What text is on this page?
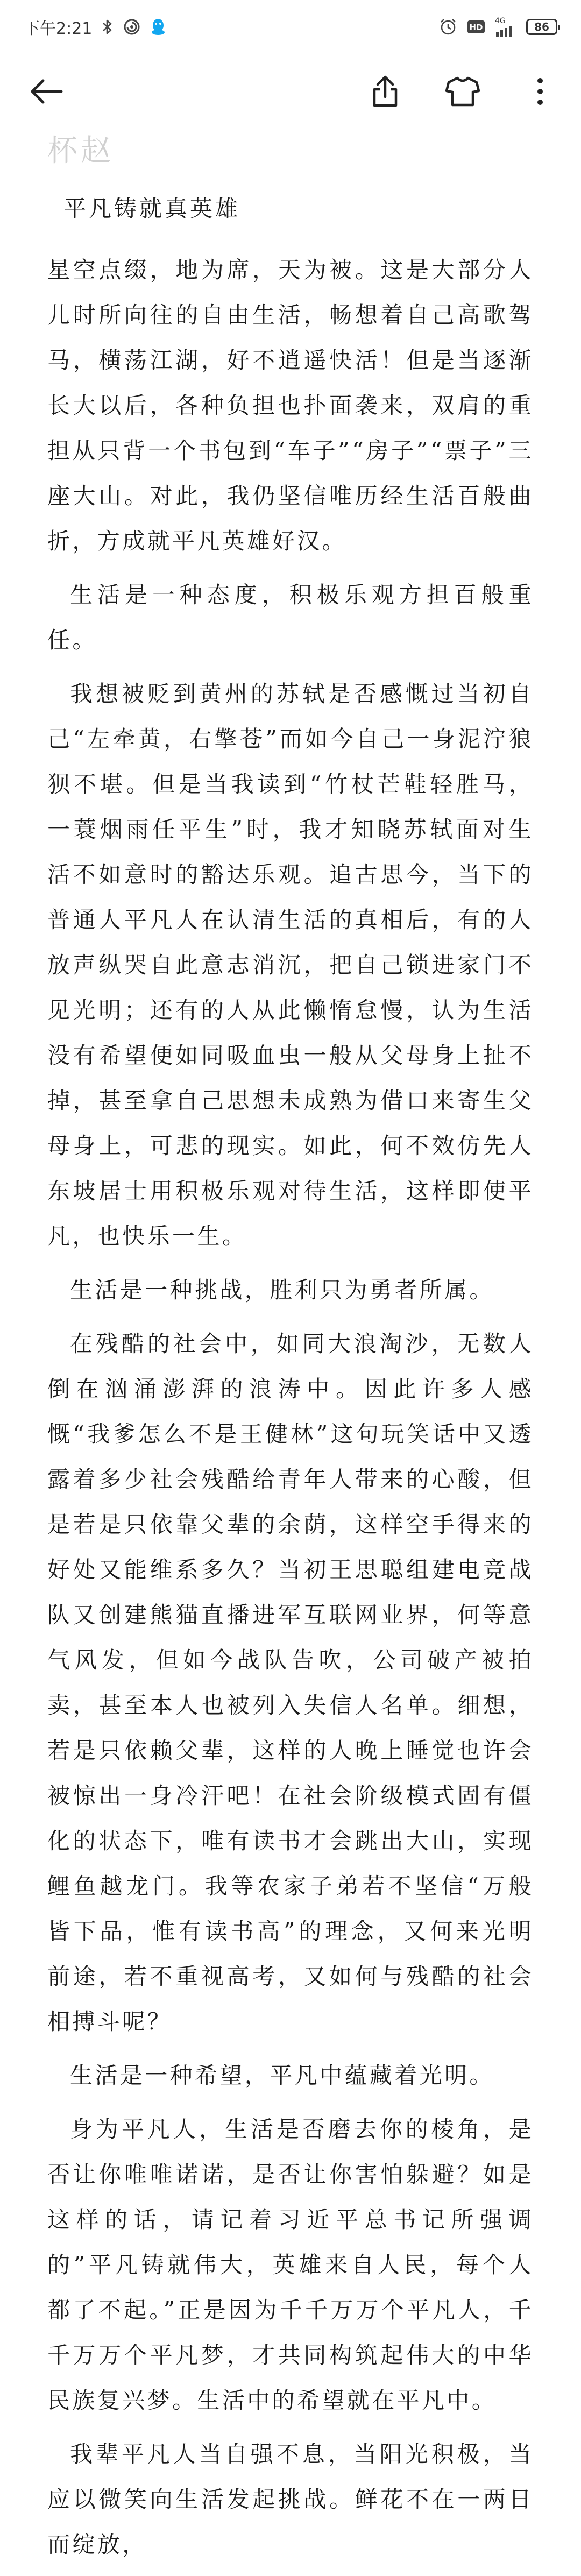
下午2:21	HD
4G	86
杯赵
平凡铸就真英雄

星空点缀，地为席，天为被。这是大部分人儿时所向往的自由生活，畅想着自己高歌驾马，横荡江湖，好不逍遥快活！但是当逐渐长大以后，各种负担也扑面袭来，双肩的重担从只背一个书包到“车子”“房子”“票子”三座大山。对此，我仍坚信唯历经生活百般曲折，方成就平凡英雄好汉。

生活是一种态度，积极乐观方担百般重任。

我想被贬到黄州的苏轼是否感慨过当初自己“左牵黄，右擎苍”而如今自己一身泥泞狼狈不堪。但是当我读到“竹杖芒鞋轻胜马，一蓑烟雨任平生”时，我才知晓苏轼面对生活不如意时的豁达乐观。追古思今，当下的普通人平凡人在认清生活的真相后，有的人放声纵哭自此意志消沉，把自己锁进家门不见光明；还有的人从此懒惰怠慢，认为生活没有希望便如同吸血虫一般从父母身上扯不掉，甚至拿自己思想未成熟为借口来寄生父母身上，可悲的现实。如此，何不效仿先人东坡居士用积极乐观对待生活，这样即使平凡，也快乐一生。

生活是一种挑战，胜利只为勇者所属。

在残酷的社会中，如同大浪淘沙，无数人倒在汹涌澎湃的浪涛中。因此许多人感慨“我爹怎么不是王健林”这句玩笑话中又透露着多少社会残酷给青年人带来的心酸，但是若是只依靠父辈的余荫，这样空手得来的好处又能维系多久？当初王思聪组建电竞战队又创建熊猫直播进军互联网业界，何等意气风发，但如今战队告吹，公司破产被拍卖，甚至本人也被列入失信人名单。细想，若是只依赖父辈，这样的人晚上睡觉也许会被惊出一身冷汗吧！在社会阶级模式固有僵化的状态下，唯有读书才会跳出大山，实现鲤鱼越龙门。我等农家子弟若不坚信“万般皆下品，惟有读书高”的理念，又何来光明前途，若不重视高考，又如何与残酷的社会相搏斗呢？

生活是一种希望，平凡中蕴藏着光明。

身为平凡人，生活是否磨去你的棱角，是否让你唯唯诺诺，是否让你害怕躲避？如是这样的话，请记着习近平总书记所强调的”平凡铸就伟大，英雄来自人民，每个人都了不起。”正是因为千千万万个平凡人，千千万万个平凡梦，才共同构筑起伟大的中华民族复兴梦。生活中的希望就在平凡中。

我辈平凡人当自强不息，当阳光积极，当应以微笑向生活发起挑战。鲜花不在一两日而绽放，
